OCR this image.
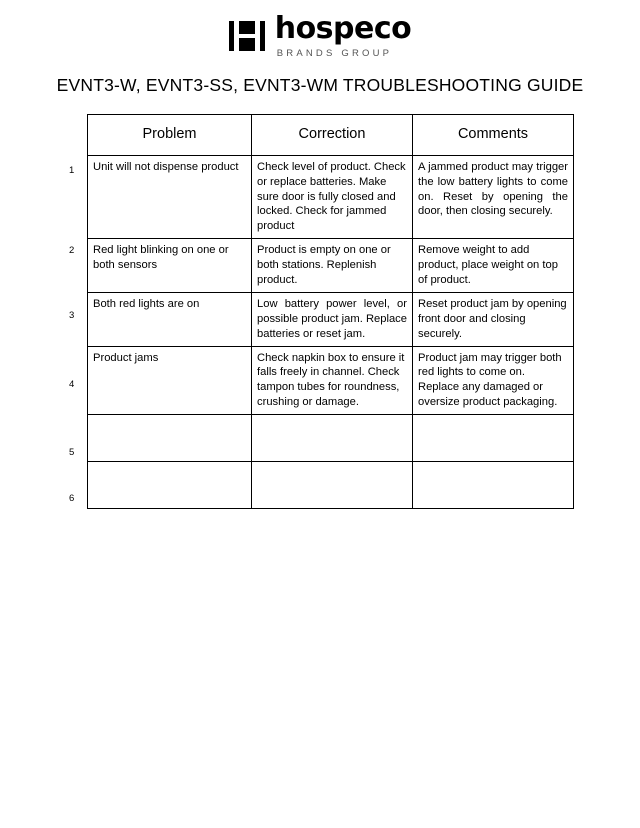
hospeco
BRANDS GROUP
EVNT3-W, EVNT3-SS, EVNT3-WM TROUBLESHOOTING GUIDE
1
2
3
4
5
6
Problem	Correction	Comments
Unit will not dispense product	Check level of product. Check or replace batteries. Make sure door is fully closed and locked. Check for jammed product	A jammed product may trigger the low battery lights to come on. Reset by opening the door, then closing securely.
Red light blinking on one or both sensors	Product is empty on one or both stations. Replenish product.	Remove weight to add product, place weight on top of product.
Both red lights are on	Low battery power level, or possible product jam. Replace batteries or reset jam.	Reset product jam by opening front door and closing securely.
Product jams	Check napkin box to ensure it falls freely in channel. Check tampon tubes for roundness, crushing or damage.	Product jam may trigger both red lights to come on. Replace any damaged or oversize product packaging.
